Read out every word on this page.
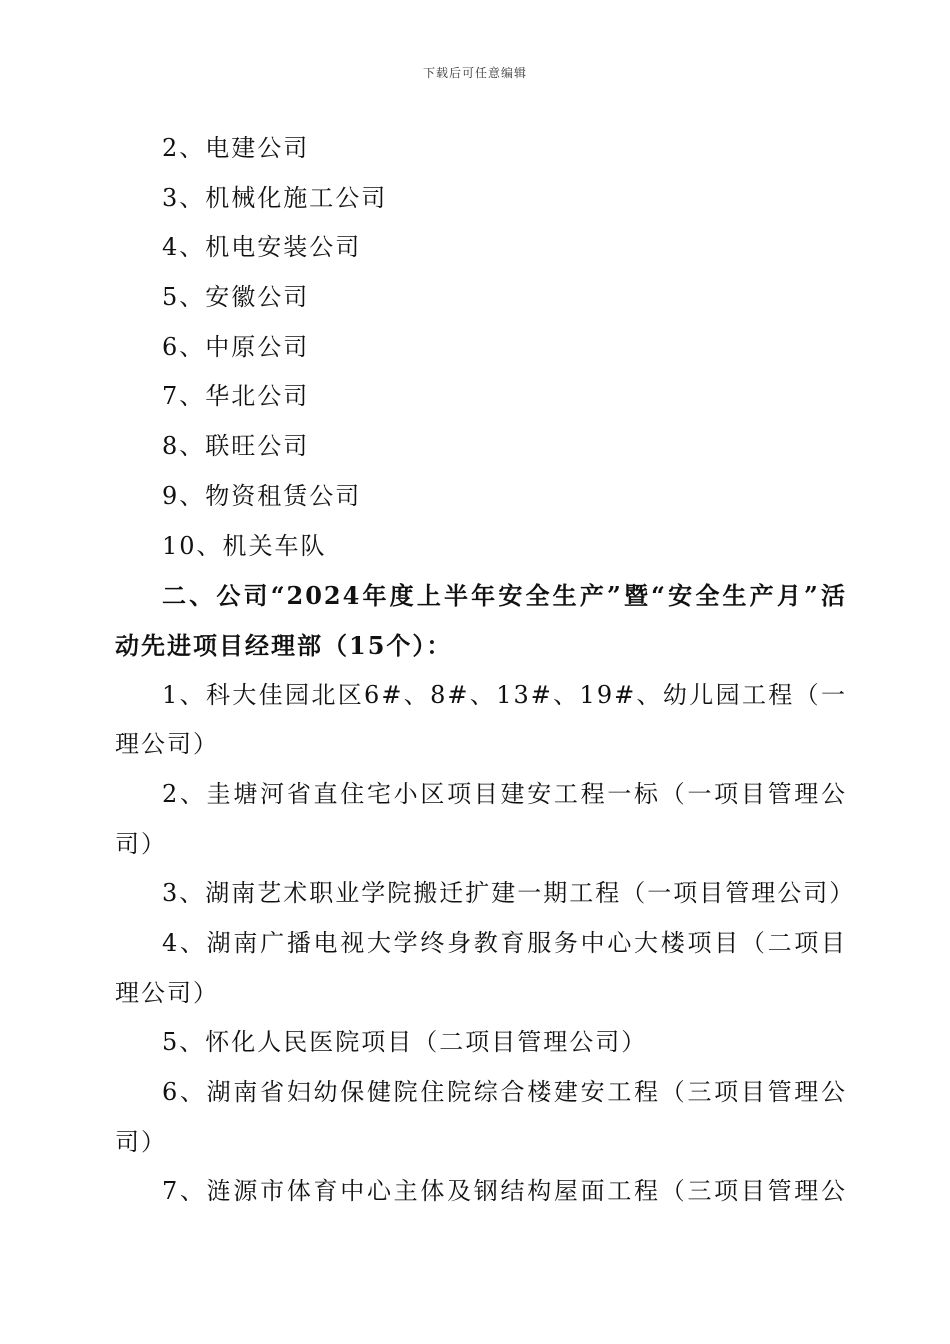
下载后可任意编辑
2、电建公司
3、机械化施工公司
4、机电安装公司
5、安徽公司
6、中原公司
7、华北公司
8、联旺公司
9、物资租赁公司
10、机关车队
二、公司“2024年度上半年安全生产”暨“安全生产月”活
动先进项目经理部（15个）：
1、科大佳园北区6#、8#、13#、19#、幼儿园工程（一
理公司）
2、圭塘河省直住宅小区项目建安工程一标（一项目管理公
司）
3、湖南艺术职业学院搬迁扩建一期工程（一项目管理公司）
4、湖南广播电视大学终身教育服务中心大楼项目（二项目
理公司）
5、怀化人民医院项目（二项目管理公司）
6、湖南省妇幼保健院住院综合楼建安工程（三项目管理公
司）
7、涟源市体育中心主体及钢结构屋面工程（三项目管理公
